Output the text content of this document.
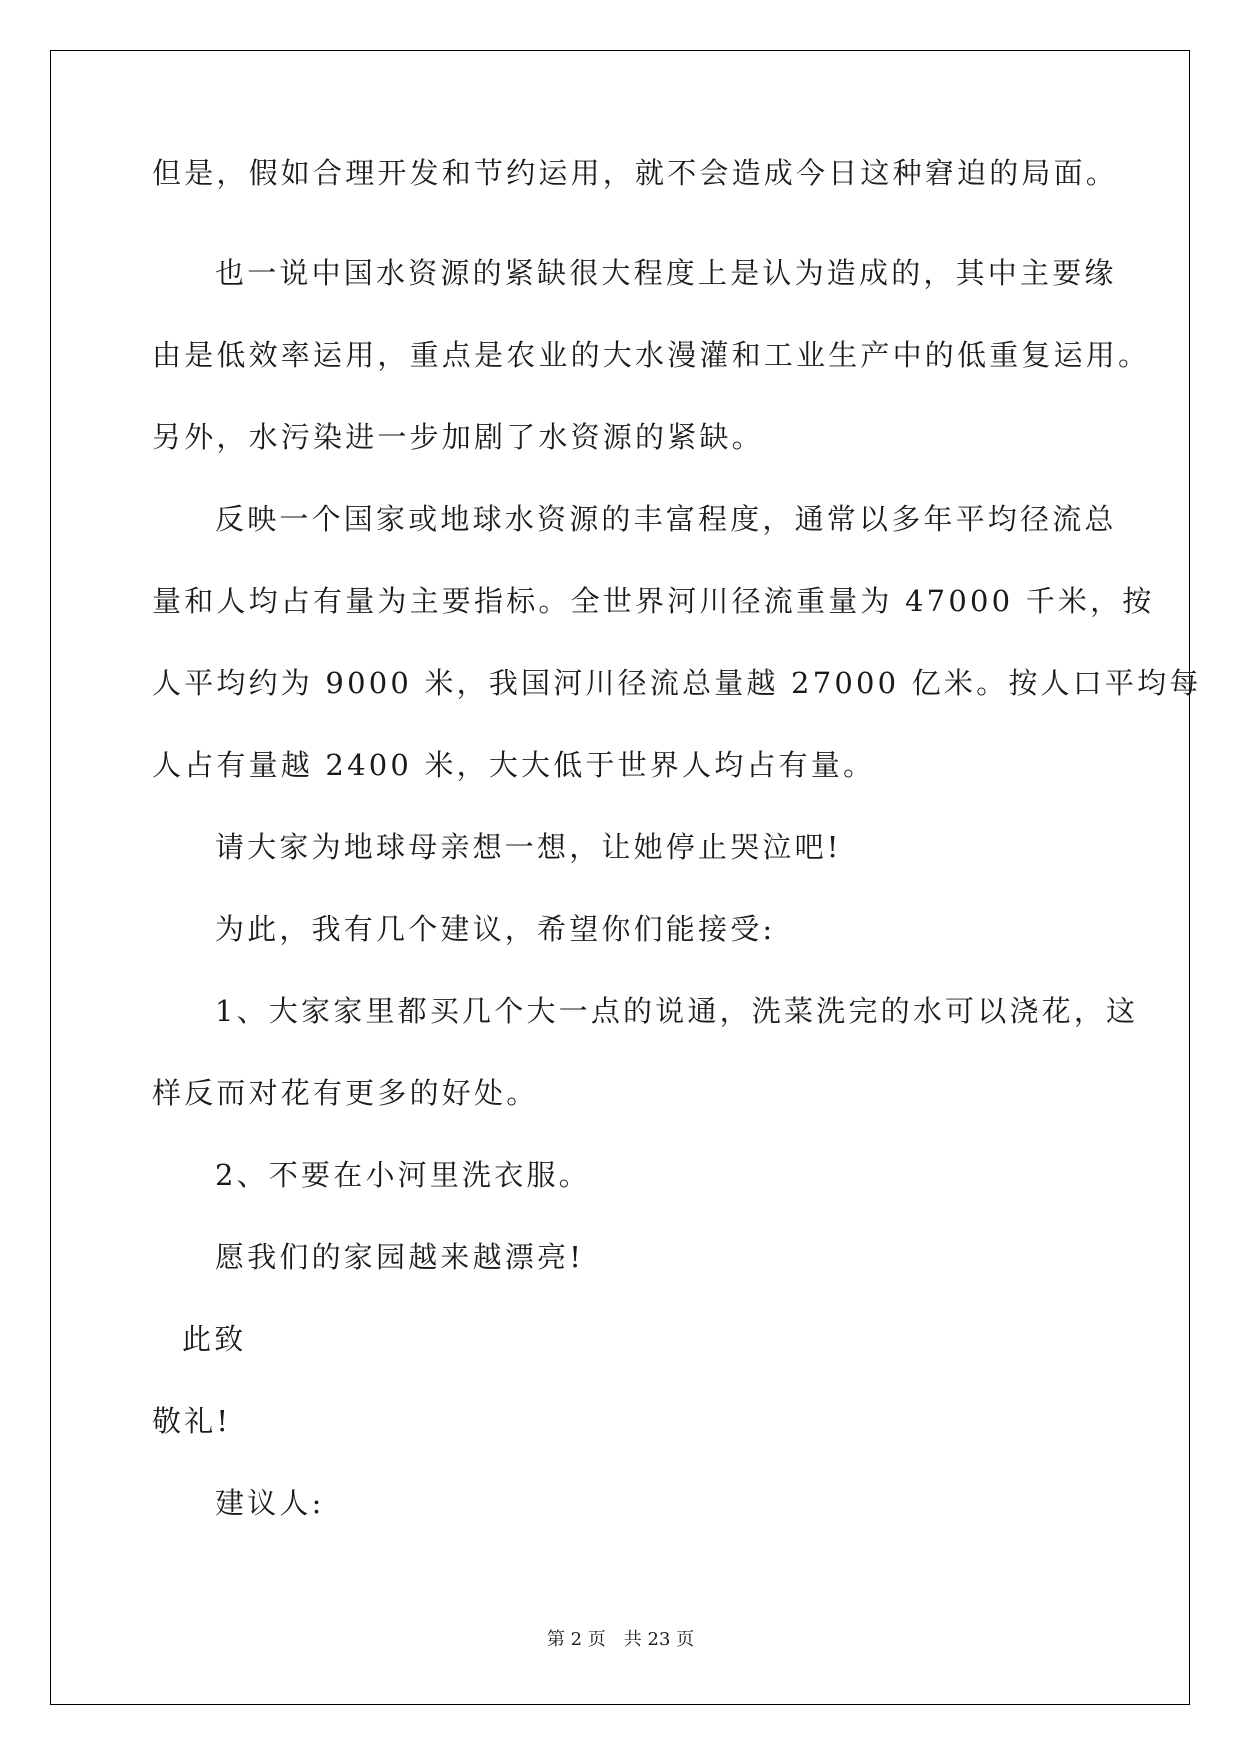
但是，假如合理开发和节约运用，就不会造成今日这种窘迫的局面。

也一说中国水资源的紧缺很大程度上是认为造成的，其中主要缘

由是低效率运用，重点是农业的大水漫灌和工业生产中的低重复运用。

另外，水污染进一步加剧了水资源的紧缺。

反映一个国家或地球水资源的丰富程度，通常以多年平均径流总

量和人均占有量为主要指标。全世界河川径流重量为 47000 千米，按

人平均约为 9000 米，我国河川径流总量越 27000 亿米。按人口平均每

人占有量越 2400 米，大大低于世界人均占有量。

请大家为地球母亲想一想，让她停止哭泣吧!

为此，我有几个建议，希望你们能接受:

1、大家家里都买几个大一点的说通，洗菜洗完的水可以浇花，这

样反而对花有更多的好处。

2、不要在小河里洗衣服。

愿我们的家园越来越漂亮!

此致

敬礼!

建议人:

第 2 页 共 23 页
